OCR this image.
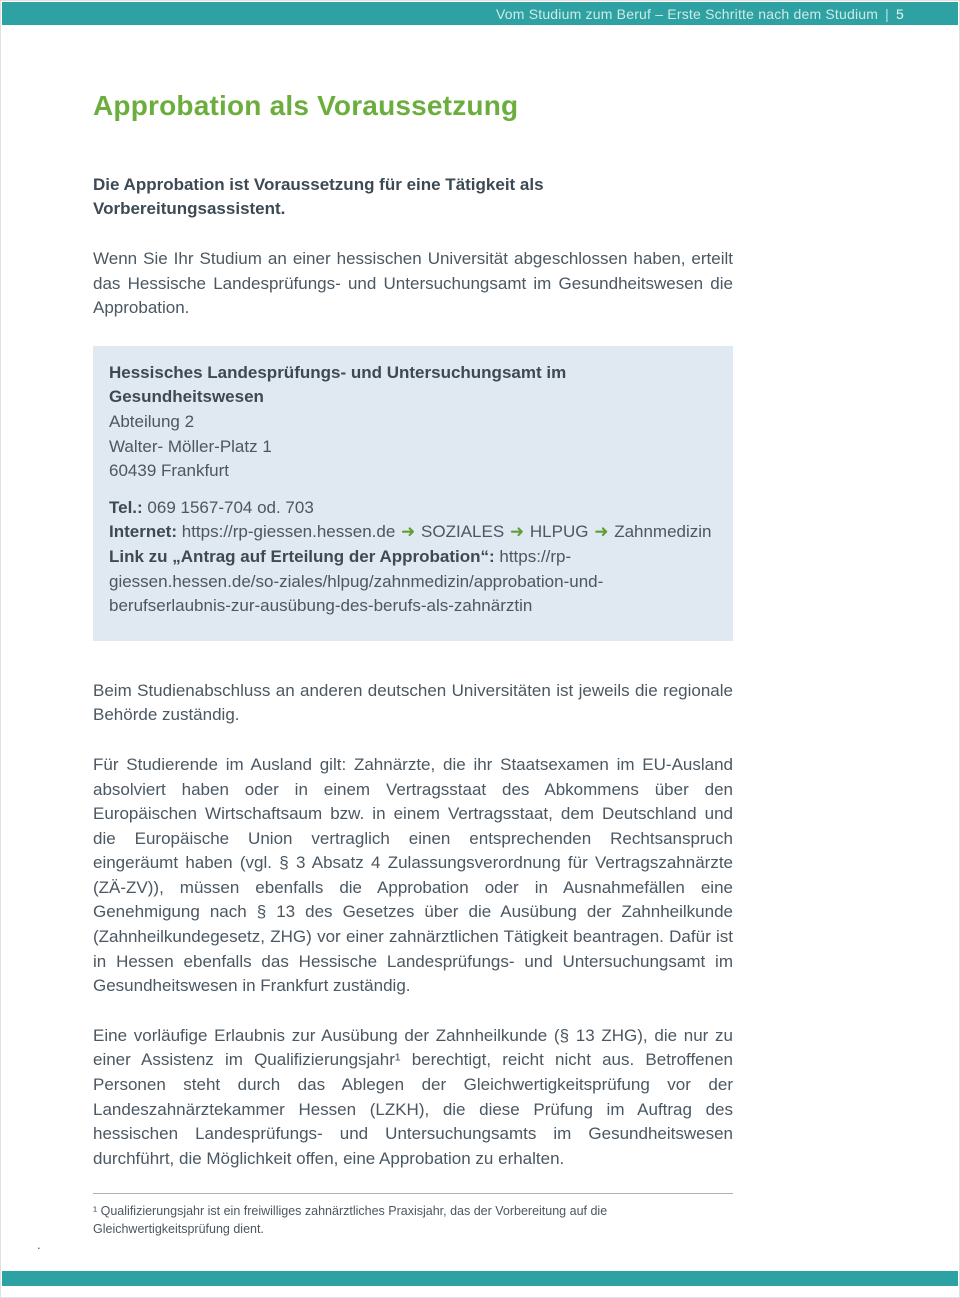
Vom Studium zum Beruf – Erste Schritte nach dem Studium | 5
Approbation als Voraussetzung

Die Approbation ist Voraussetzung für eine Tätigkeit als Vorbereitungsassistent.

Wenn Sie Ihr Studium an einer hessischen Universität abgeschlossen haben, erteilt das Hessische Landesprüfungs- und Untersuchungsamt im Gesundheitswesen die Approbation.

Hessisches Landesprüfungs- und Untersuchungsamt im Gesundheitswesen

Abteilung 2

Walter- Möller-Platz 1

60439 Frankfurt

Tel.: 069 1567-704 od. 703

Internet: https://rp-giessen.hessen.de ➜ SOZIALES ➜ HLPUG ➜ Zahnmedizin

Link zu „Antrag auf Erteilung der Approbation“: https://rp-giessen.hessen.de/so-ziales/hlpug/zahnmedizin/approbation-und-berufserlaubnis-zur-ausübung-des-berufs-als-zahnärztin

Beim Studienabschluss an anderen deutschen Universitäten ist jeweils die regionale Behörde zuständig.

Für Studierende im Ausland gilt: Zahnärzte, die ihr Staatsexamen im EU-Ausland absolviert haben oder in einem Vertragsstaat des Abkommens über den Europäischen Wirtschaftsaum bzw. in einem Vertragsstaat, dem Deutschland und die Europäische Union vertraglich einen entsprechenden Rechtsanspruch eingeräumt haben (vgl. § 3 Absatz 4 Zulassungsverordnung für Vertragszahnärzte (ZÄ-ZV)), müssen ebenfalls die Approbation oder in Ausnahmefällen eine Genehmigung nach § 13 des Gesetzes über die Ausübung der Zahnheilkunde (Zahnheilkundegesetz, ZHG) vor einer zahnärztlichen Tätigkeit beantragen. Dafür ist in Hessen ebenfalls das Hessische Landesprüfungs- und Untersuchungsamt im Gesundheitswesen in Frankfurt zuständig.

Eine vorläufige Erlaubnis zur Ausübung der Zahnheilkunde (§ 13 ZHG), die nur zu einer Assistenz im Qualifizierungsjahr¹ berechtigt, reicht nicht aus. Betroffenen Personen steht durch das Ablegen der Gleichwertigkeitsprüfung vor der Landeszahnärztekammer Hessen (LZKH), die diese Prüfung im Auftrag des hessischen Landesprüfungs- und Untersuchungsamts im Gesundheitswesen durchführt, die Möglichkeit offen, eine Approbation zu erhalten.

¹ Qualifizierungsjahr ist ein freiwilliges zahnärztliches Praxisjahr, das der Vorbereitung auf die Gleichwertigkeitsprüfung dient.

.
